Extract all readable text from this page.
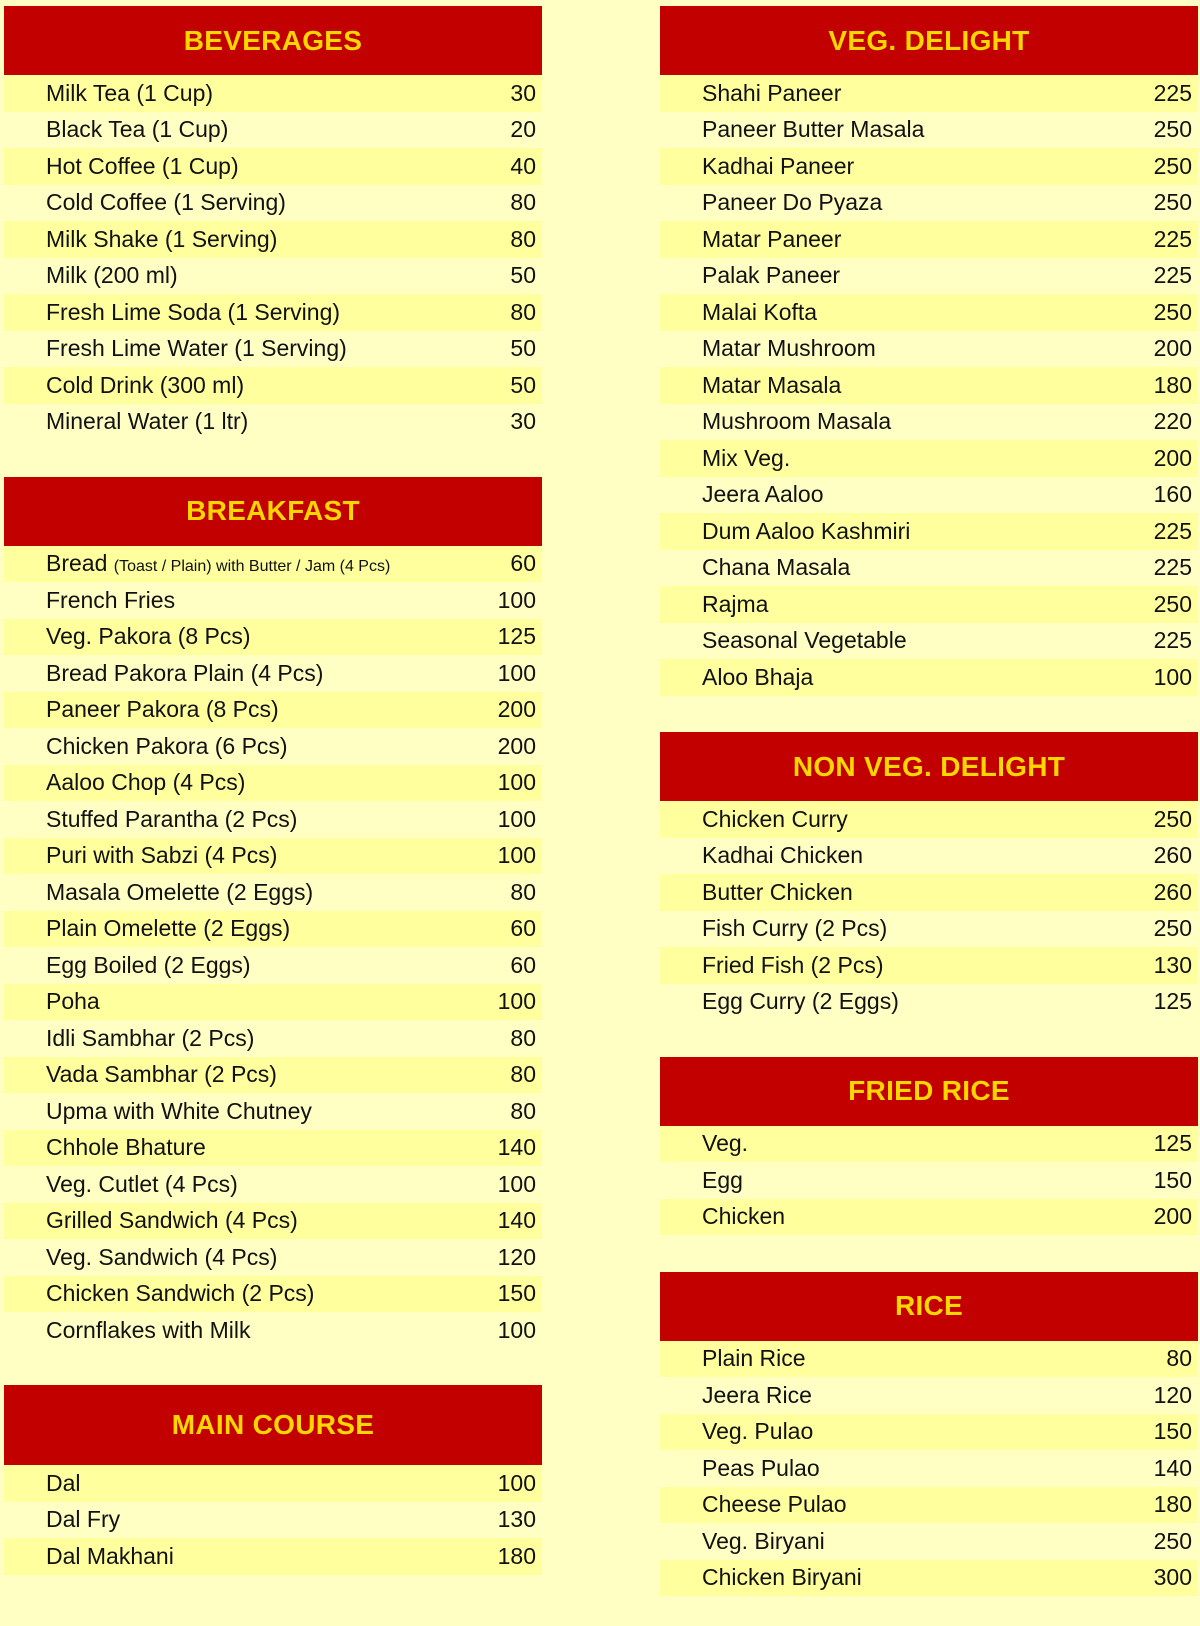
BEVERAGES
Milk Tea (1 Cup)	30
Black Tea (1 Cup)	20
Hot Coffee (1 Cup)	40
Cold Coffee (1 Serving)	80
Milk Shake (1 Serving)	80
Milk (200 ml)	50
Fresh Lime Soda (1 Serving)	80
Fresh Lime Water (1 Serving)	50
Cold Drink (300 ml)	50
Mineral Water (1 ltr)	30
BREAKFAST
Bread (Toast / Plain) with Butter / Jam (4 Pcs)	60
French Fries	100
Veg. Pakora (8 Pcs)	125
Bread Pakora Plain (4 Pcs)	100
Paneer Pakora (8 Pcs)	200
Chicken Pakora (6 Pcs)	200
Aaloo Chop (4 Pcs)	100
Stuffed Parantha (2 Pcs)	100
Puri with Sabzi (4 Pcs)	100
Masala Omelette (2 Eggs)	80
Plain Omelette (2 Eggs)	60
Egg Boiled (2 Eggs)	60
Poha	100
Idli Sambhar (2 Pcs)	80
Vada Sambhar (2 Pcs)	80
Upma with White Chutney	80
Chhole Bhature	140
Veg. Cutlet (4 Pcs)	100
Grilled Sandwich (4 Pcs)	140
Veg. Sandwich (4 Pcs)	120
Chicken Sandwich (2 Pcs)	150
Cornflakes with Milk	100
MAIN COURSE
Dal	100
Dal Fry	130
Dal Makhani	180
VEG. DELIGHT
Shahi Paneer	225
Paneer Butter Masala	250
Kadhai Paneer	250
Paneer Do Pyaza	250
Matar Paneer	225
Palak Paneer	225
Malai Kofta	250
Matar Mushroom	200
Matar Masala	180
Mushroom Masala	220
Mix Veg.	200
Jeera Aaloo	160
Dum Aaloo Kashmiri	225
Chana Masala	225
Rajma	250
Seasonal Vegetable	225
Aloo Bhaja	100
NON VEG. DELIGHT
Chicken Curry	250
Kadhai Chicken	260
Butter Chicken	260
Fish Curry (2 Pcs)	250
Fried Fish (2 Pcs)	130
Egg Curry (2 Eggs)	125
FRIED RICE
Veg.	125
Egg	150
Chicken	200
RICE
Plain Rice	80
Jeera Rice	120
Veg. Pulao	150
Peas Pulao	140
Cheese Pulao	180
Veg. Biryani	250
Chicken Biryani	300
